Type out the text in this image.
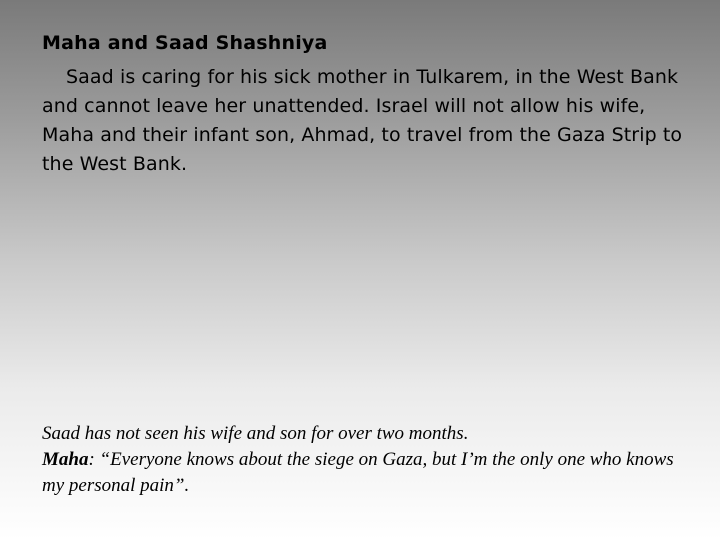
Maha and Saad Shashniya
Saad is caring for his sick mother in Tulkarem, in the West Bank and cannot leave her unattended. Israel will not allow his wife, Maha and their infant son, Ahmad, to travel from the Gaza Strip to the West Bank.

Saad has not seen his wife and son for over two months.

Maha: “Everyone knows about the siege on Gaza, but I’m the only one who knows my personal pain”.
